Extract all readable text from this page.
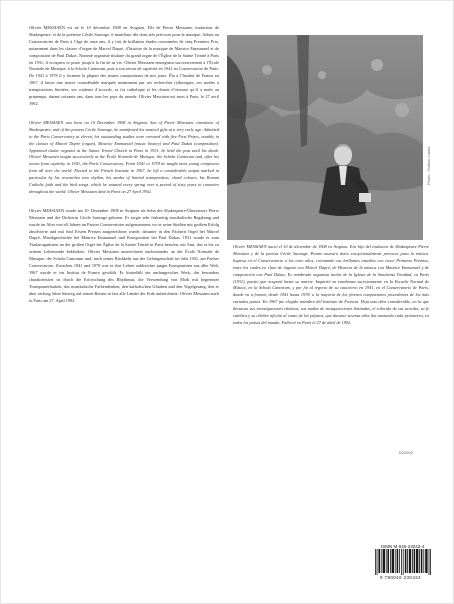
Olivier MESSIAEN est né le 10 décembre 1908 en Avignon. Fils de Pierre Messiaen, traducteur de Shakespeare, et de la poétesse Cécile Sauvage, il manifeste dès dons très précoces pour la musique. Admis au Conservatoire de Paris à l’âge de onze ans, il y fait de brillantes études couronnées de cinq Premiers Prix, notamment dans les classes d’orgue de Marcel Dupré, d’histoire de la musique de Maurice Emmanuel et de composition de Paul Dukas. Nommé organiste titulaire du grand orgue de l’Église de la Sainte Trinité à Paris en 1931, il occupera ce poste jusqu’à la fin de sa vie. Olivier Messiaen enseignera successivement à l’École Normale de Musique, à la Schola Cantorum, puis à son retour de captivité en 1941 au Conservatoire de Paris. De 1941 à 1978 il y formera la plupart des jeunes compositeurs de nos jours. Élu à l’Institut de France en 1967, il laisse une œuvre considérable marquée notamment par ses recherches rythmiques, ses modes à transpositions limitées, ses couleurs d’accords, sa foi catholique et les chants d’oiseaux qu’il a notés au printemps, durant soixante ans, dans tous les pays du monde. Olivier Messiaen est mort à Paris, le 27 avril 1992.

Olivier MESSIAEN was born on 10 December 1908 in Avignon. Son of Pierre Messiaen, translator of Shakespeare, and of the poetess Cécile Sauvage, he manifested his musical gifts at a very early age. Admitted to the Paris Conservatory at eleven, his outstanding studies were crowned with five First Prizes, notably in the classes of Marcel Dupré (organ), Maurice Emmanuel (music history) and Paul Dukas (composition). Appointed titular organist at the Sainte Trinité Church in Paris in 1931, he held the post until his death. Olivier Messiaen taught successively at the École Normale de Musique, the Schola Cantorum and, after his return from captivity in 1941, the Paris Conservatory. From 1941 to 1978 he taught most young composers from all over the world. Elected to the French Institute in 1967, he left a considerable output marked in particular by his researches into rhythm, his modes of limited transposition, chord colours, his Roman Catholic faith and the bird songs, which he notated every spring over a period of sixty years in countries throughout the world. Olivier Messiaen died in Paris on 27 April 1992.

Olivier MESSIAEN wurde am 10. Dezember 1908 in Avignon als Sohn des Shakespeare-Übersetzers Pierre Messiaen und der Dichterin Cécile Sauvage geboren. Er zeigte sehr frühzeitig musikalische Begabung und wurde im Alter von elf Jahren im Pariser Conservatoire aufgenommen, wo er seine Studien mit großem Erfolg absolvierte und mit fünf Ersten Preisen ausgezeichnet wurde, darunter in den Fächern Orgel bei Marcel Dupré, Musikgeschichte bei Maurice Emmanuel und Komposition bei Paul Dukas. 1931 wurde er zum Titularorganisten an der großen Orgel der Église de la Sainte Trinité in Paris berufen, ein Amt, das er bis zu seinem Lebensende bekleidete. Olivier Messiaen unterrichtete nacheinander an der École Normale de Musique, der Schola Cantorum und, nach seiner Rückkehr aus der Gefangenschaft im Jahr 1941, am Pariser Conservatoire. Zwischen 1941 und 1978 war er dort Lehrer zahlreicher junger Komponisten aus aller Welt. 1967 wurde er ins Institut de France gewählt. Er hinterläßt ein umfangreiches Werk, das besonders charakterisiert ist durch die Erforschung des Rhythmus, die Verwendung von Modi mit begrenzter Transponierbarkeit, das musikalische Farbendenken, den katholischen Glauben und den Vogelgesang, den er über sechzig Jahre hinweg auf seinen Reisen in fast alle Länder der Erde aufzeichnete. Olivier Messiaen starb in Paris am 27. April 1992.

Photo : Nuliem Lunha

Olivier MESSIAEN nació el 10 de diciembre de 1908 en Avignon. Era hijo del traductor de Shakespeare Pierre Messiaen y de la poetisa Cécile Sauvage. Pronto muestra dotes excepcionalmente precoces para la música. Ingresa en el Conservatorio a los once años, coronando sus brillantes estudios con cinco Primeros Premios, entre los cuales en clase de órgano con Marcel Dupré, de Historia de la música con Maurice Emmanuel y de composición con Paul Dukas. Es nombrado organista titular de la Iglesia de la Santísima Trinidad, en París (1931), puesto que ocupará hasta su muerte. Impartió su enseñanza sucesivamente en la Escuela Normal de Música, en la Schola Cantorum, y por fin al regreso de su cautiverio en 1941, en el Conservatorio de París, donde va a formar, desde 1941 hasta 1978, a la mayoría de los jóvenes compositores procedentes de los más variados países. En 1967 fue elegido miembro del Instituto de Francia. Deja una obra considerable, en la que destacan sus investigaciones rítmicas, sus modos de transposiciones limitadas, el colorido de sus acordes, su fe católica y su célebre afición al canto de los pájaros, que durante sesenta años iba anotando cada primavera, en todos los países del mundo. Falleció en París el 27 de abril de 1992.

IX/2002
ISMN M-046-23042-4
9 790046 230424
